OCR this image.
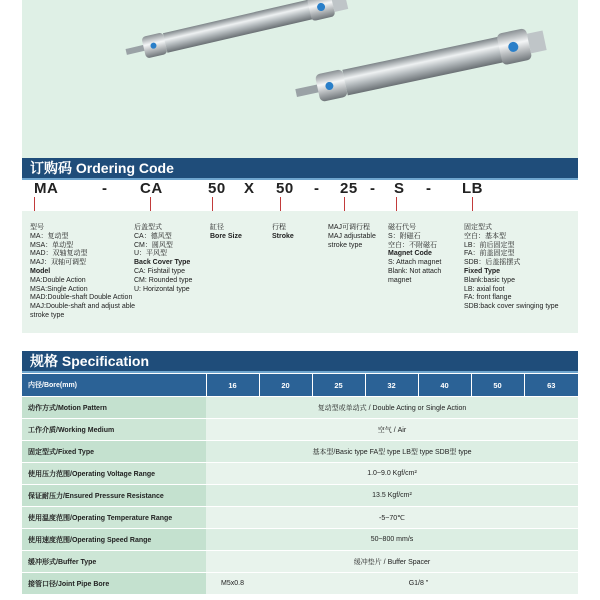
订购码 Ordering Code
MA	- CA	50 X 50 - 25 - S - LB
型号
MA：复动型
MSA：单动型
MAD：双轴复动型
MAJ：双轴可调型
Model
MA:Double Action
MSA:Single Action
MAD:Double-shaft Double Action
MAJ:Double-shaft and adjust able
stroke type
后盖型式
CA：德风型
CM：圆风型
U：平风型
Back Cover Type
CA: Fishtail type
CM: Rounded type
U: Horizontal type
缸径
Bore Size
行程
Stroke
MAJ可调行程
MAJ adjustable
stroke type
磁石代号
S：附磁石
空白：不附磁石
Magnet Code
S: Attach magnet
Blank: Not attach
magnet
固定型式
空白：基本型
LB：前后固定型
FA：前盖固定型
SDB：后盖摇摆式
Fixed Type
Blank:basic type
LB: axial foot
FA: front flange
SDB:back cover swinging type
规格 Specification
内径/Bore(mm)	16	20	25	32	40	50	63
动作方式/Motion Pattern	复动型或单动式 / Double Acting or Single Action						
工作介质/Working Medium	空气 / Air						
固定型式/Fixed Type	基本型/Basic type FA型 type LB型 type SDB型 type						
使用压力范围/Operating Voltage Range	1.0~9.0 Kgf/cm²						
保证耐压力/Ensured Pressure Resistance	13.5 Kgf/cm²						
使用温度范围/Operating Temperature Range	-5~70℃						
使用速度范围/Operating Speed Range	50~800 mm/s						
缓冲形式/Buffer Type	缓冲垫片 / Buffer Spacer						
接管口径/Joint Pipe Bore	M5x0.8	G1/8 "					
